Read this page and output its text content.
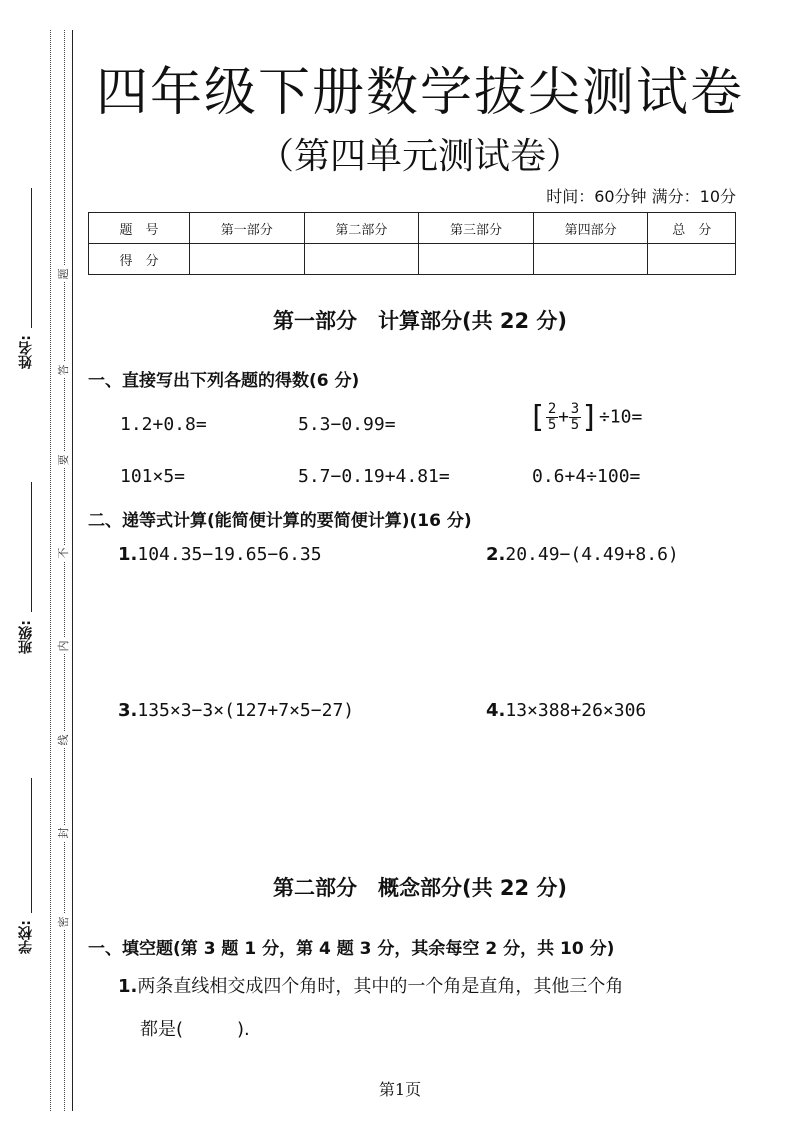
题
答
要
不
内
线
封
密
姓名:
班级:
学校:
四年级下册数学拔尖测试卷
（第四单元测试卷）
时间：60分钟 满分：10分
题　号	第一部分	第二部分	第三部分	第四部分	总　分
得　分					
第一部分　计算部分(共 22 分)
一、直接写出下列各题的得数(6 分)
1.2+0.8=	5.3−0.99=	[ $\frac{2}{5} + \frac{3}{5} ]\div 10=$
101×5=	5.7−0.19+4.81=	0.6+4÷100=
二、递等式计算(能简便计算的要简便计算)(16 分)
1.104.35−19.65−6.35	2.20.49−(4.49+8.6)
3.135×3−3×(127+7×5−27)	4.13×388+26×306
第二部分　概念部分(共 22 分)
一、填空题(第 3 题 1 分，第 4 题 3 分，其余每空 2 分，共 10 分)
1.两条直线相交成四个角时，其中的一个角是直角，其他三个角
都是(　　　).
第1页
